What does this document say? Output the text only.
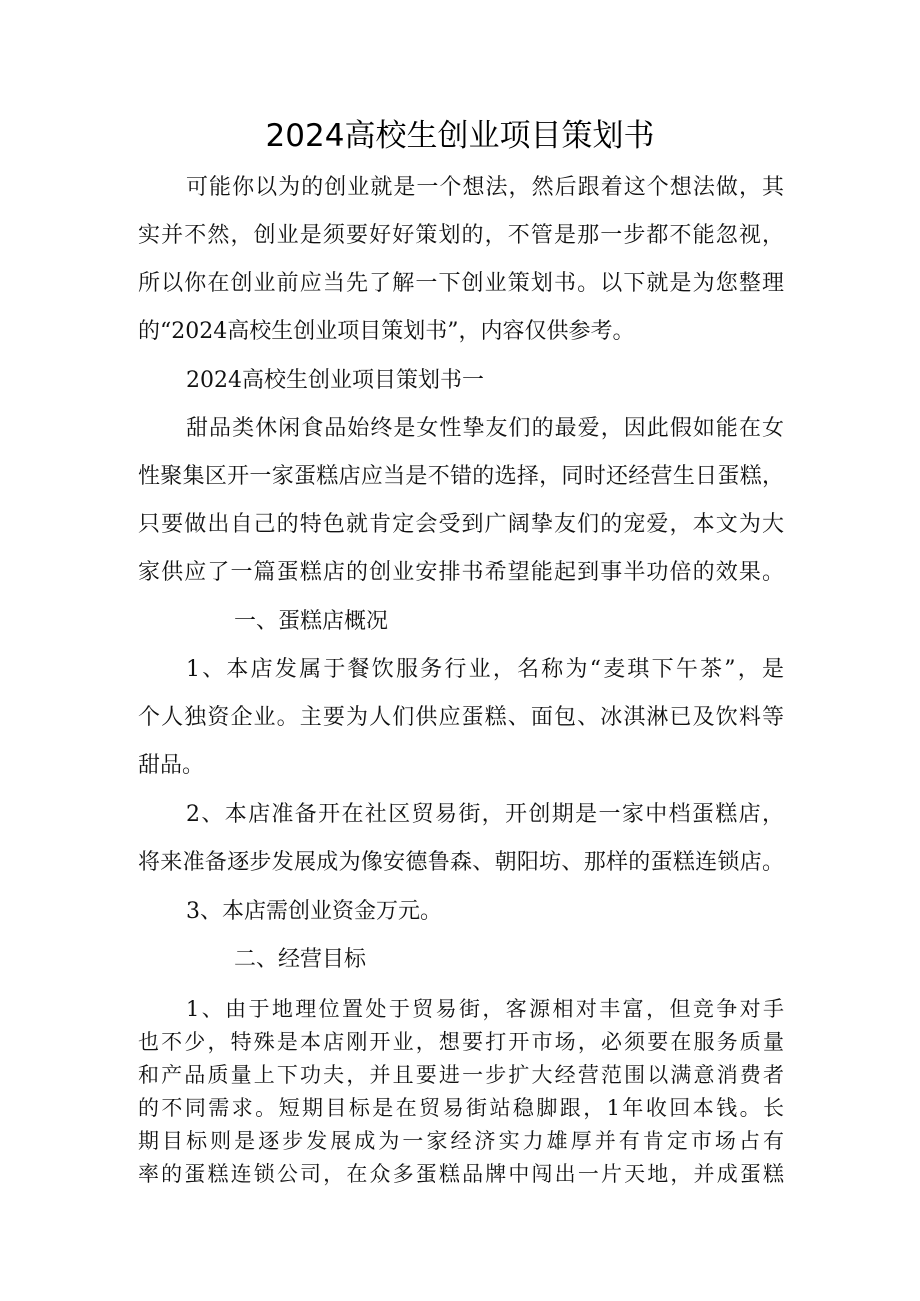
2024高校生创业项目策划书
可能你以为的创业就是一个想法，然后跟着这个想法做，其
实并不然，创业是须要好好策划的，不管是那一步都不能忽视，
所以你在创业前应当先了解一下创业策划书。以下就是为您整理
的“2024高校生创业项目策划书”，内容仅供参考。
2024高校生创业项目策划书一
甜品类休闲食品始终是女性挚友们的最爱，因此假如能在女
性聚集区开一家蛋糕店应当是不错的选择，同时还经营生日蛋糕，
只要做出自己的特色就肯定会受到广阔挚友们的宠爱，本文为大
家供应了一篇蛋糕店的创业安排书希望能起到事半功倍的效果。
一、蛋糕店概况
1、本店发属于餐饮服务行业，名称为“麦琪下午茶”，是
个人独资企业。主要为人们供应蛋糕、面包、冰淇淋已及饮料等
甜品。
2、本店准备开在社区贸易街，开创期是一家中档蛋糕店，
将来准备逐步发展成为像安德鲁森、朝阳坊、那样的蛋糕连锁店。
3、本店需创业资金万元。
二、经营目标
1、由于地理位置处于贸易街，客源相对丰富，但竞争对手
也不少，特殊是本店刚开业，想要打开市场，必须要在服务质量
和产品质量上下功夫，并且要进一步扩大经营范围以满意消费者
的不同需求。短期目标是在贸易街站稳脚跟，1年收回本钱。长
期目标则是逐步发展成为一家经济实力雄厚并有肯定市场占有
率的蛋糕连锁公司，在众多蛋糕品牌中闯出一片天地，并成蛋糕
